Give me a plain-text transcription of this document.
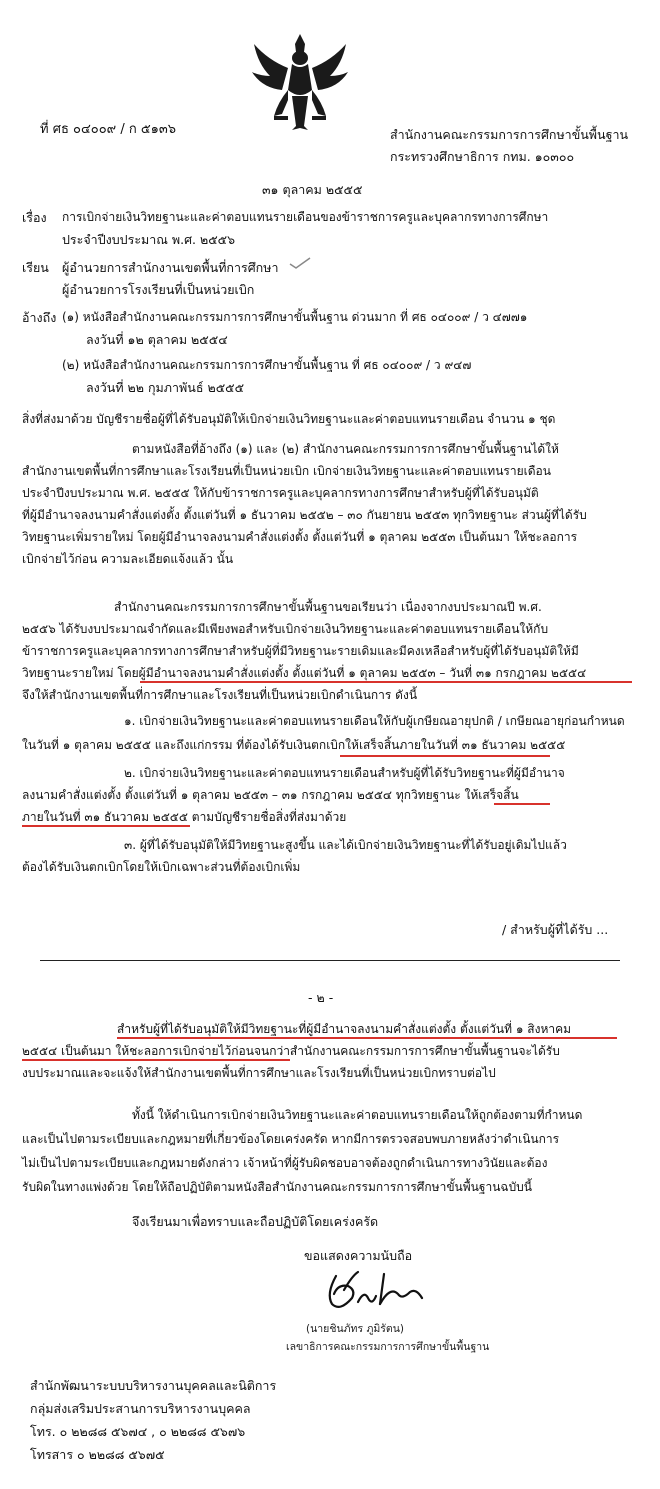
ที่ ศธ ๐๔๐๐๙ / ก ๕๑๓๖	สำนักงานคณะกรรมการการศึกษาขั้นพื้นฐาน
กระทรวงศึกษาธิการ กทม. ๑๐๓๐๐
๓๑ ตุลาคม ๒๕๕๕
เรื่อง การเบิกจ่ายเงินวิทยฐานะและค่าตอบแทนรายเดือนของข้าราชการครูและบุคลากรทางการศึกษา
ประจำปีงบประมาณ พ.ศ. ๒๕๕๖
เรียน ผู้อำนวยการสำนักงานเขตพื้นที่การศึกษา
ผู้อำนวยการโรงเรียนที่เป็นหน่วยเบิก
อ้างถึง (๑) หนังสือสำนักงานคณะกรรมการการศึกษาขั้นพื้นฐาน ด่วนมาก ที่ ศธ ๐๔๐๐๙ / ว ๔๗๗๑
ลงวันที่ ๑๒ ตุลาคม ๒๕๕๔
(๒) หนังสือสำนักงานคณะกรรมการการศึกษาขั้นพื้นฐาน ที่ ศธ ๐๔๐๐๙ / ว ๙๔๗
ลงวันที่ ๒๒ กุมภาพันธ์ ๒๕๕๕
สิ่งที่ส่งมาด้วย บัญชีรายชื่อผู้ที่ได้รับอนุมัติให้เบิกจ่ายเงินวิทยฐานะและค่าตอบแทนรายเดือน จำนวน ๑ ชุด
ตามหนังสือที่อ้างถึง (๑) และ (๒) สำนักงานคณะกรรมการการศึกษาขั้นพื้นฐานได้ให้
สำนักงานเขตพื้นที่การศึกษาและโรงเรียนที่เป็นหน่วยเบิก เบิกจ่ายเงินวิทยฐานะและค่าตอบแทนรายเดือน
ประจำปีงบประมาณ พ.ศ. ๒๕๕๕ ให้กับข้าราชการครูและบุคลากรทางการศึกษาสำหรับผู้ที่ได้รับอนุมัติ
ที่ผู้มีอำนาจลงนามคำสั่งแต่งตั้ง ตั้งแต่วันที่ ๑ ธันวาคม ๒๕๕๒ – ๓๐ กันยายน ๒๕๕๓ ทุกวิทยฐานะ ส่วนผู้ที่ได้รับ
วิทยฐานะเพิ่มรายใหม่ โดยผู้มีอำนาจลงนามคำสั่งแต่งตั้ง ตั้งแต่วันที่ ๑ ตุลาคม ๒๕๕๓ เป็นต้นมา ให้ชะลอการ
เบิกจ่ายไว้ก่อน ความละเอียดแจ้งแล้ว นั้น
สำนักงานคณะกรรมการการศึกษาขั้นพื้นฐานขอเรียนว่า เนื่องจากงบประมาณปี พ.ศ.
๒๕๕๖ ได้รับงบประมาณจำกัดและมีเพียงพอสำหรับเบิกจ่ายเงินวิทยฐานะและค่าตอบแทนรายเดือนให้กับ
ข้าราชการครูและบุคลากรทางการศึกษาสำหรับผู้ที่มีวิทยฐานะรายเดิมและมีคงเหลือสำหรับผู้ที่ได้รับอนุมัติให้มี
วิทยฐานะรายใหม่ โดยผู้มีอำนาจลงนามคำสั่งแต่งตั้ง ตั้งแต่วันที่ ๑ ตุลาคม ๒๕๕๓ – วันที่ ๓๑ กรกฎาคม ๒๕๕๔
จึงให้สำนักงานเขตพื้นที่การศึกษาและโรงเรียนที่เป็นหน่วยเบิกดำเนินการ ดังนี้
๑. เบิกจ่ายเงินวิทยฐานะและค่าตอบแทนรายเดือนให้กับผู้เกษียณอายุปกติ / เกษียณอายุก่อนกำหนด
ในวันที่ ๑ ตุลาคม ๒๕๕๕ และถึงแก่กรรม ที่ต้องได้รับเงินตกเบิกให้เสร็จสิ้นภายในวันที่ ๓๑ ธันวาคม ๒๕๕๕
๒. เบิกจ่ายเงินวิทยฐานะและค่าตอบแทนรายเดือนสำหรับผู้ที่ได้รับวิทยฐานะที่ผู้มีอำนาจ
ลงนามคำสั่งแต่งตั้ง ตั้งแต่วันที่ ๑ ตุลาคม ๒๕๕๓ – ๓๑ กรกฎาคม ๒๕๕๔ ทุกวิทยฐานะ ให้เสร็จสิ้น
ภายในวันที่ ๓๑ ธันวาคม ๒๕๕๕ ตามบัญชีรายชื่อสิ่งที่ส่งมาด้วย
๓. ผู้ที่ได้รับอนุมัติให้มีวิทยฐานะสูงขึ้น และได้เบิกจ่ายเงินวิทยฐานะที่ได้รับอยู่เดิมไปแล้ว
ต้องได้รับเงินตกเบิกโดยให้เบิกเฉพาะส่วนที่ต้องเบิกเพิ่ม
/ สำหรับผู้ที่ได้รับ ...
- ๒ -
สำหรับผู้ที่ได้รับอนุมัติให้มีวิทยฐานะที่ผู้มีอำนาจลงนามคำสั่งแต่งตั้ง ตั้งแต่วันที่ ๑ สิงหาคม
๒๕๕๔ เป็นต้นมา ให้ชะลอการเบิกจ่ายไว้ก่อนจนกว่าสำนักงานคณะกรรมการการศึกษาขั้นพื้นฐานจะได้รับ
งบประมาณและจะแจ้งให้สำนักงานเขตพื้นที่การศึกษาและโรงเรียนที่เป็นหน่วยเบิกทราบต่อไป
ทั้งนี้ ให้ดำเนินการเบิกจ่ายเงินวิทยฐานะและค่าตอบแทนรายเดือนให้ถูกต้องตามที่กำหนด
และเป็นไปตามระเบียบและกฎหมายที่เกี่ยวข้องโดยเคร่งครัด หากมีการตรวจสอบพบภายหลังว่าดำเนินการ
ไม่เป็นไปตามระเบียบและกฎหมายดังกล่าว เจ้าหน้าที่ผู้รับผิดชอบอาจต้องถูกดำเนินการทางวินัยและต้อง
รับผิดในทางแพ่งด้วย โดยให้ถือปฏิบัติตามหนังสือสำนักงานคณะกรรมการการศึกษาขั้นพื้นฐานฉบับนี้
จึงเรียนมาเพื่อทราบและถือปฏิบัติโดยเคร่งครัด
ขอแสดงความนับถือ
(นายชินภัทร ภูมิรัตน)
เลขาธิการคณะกรรมการการศึกษาขั้นพื้นฐาน
สำนักพัฒนาระบบบริหารงานบุคคลและนิติการ
กลุ่มส่งเสริมประสานการบริหารงานบุคคล
โทร. ๐ ๒๒๘๘ ๕๖๗๔ , ๐ ๒๒๘๘ ๕๖๗๖
โทรสาร ๐ ๒๒๘๘ ๕๖๗๕
